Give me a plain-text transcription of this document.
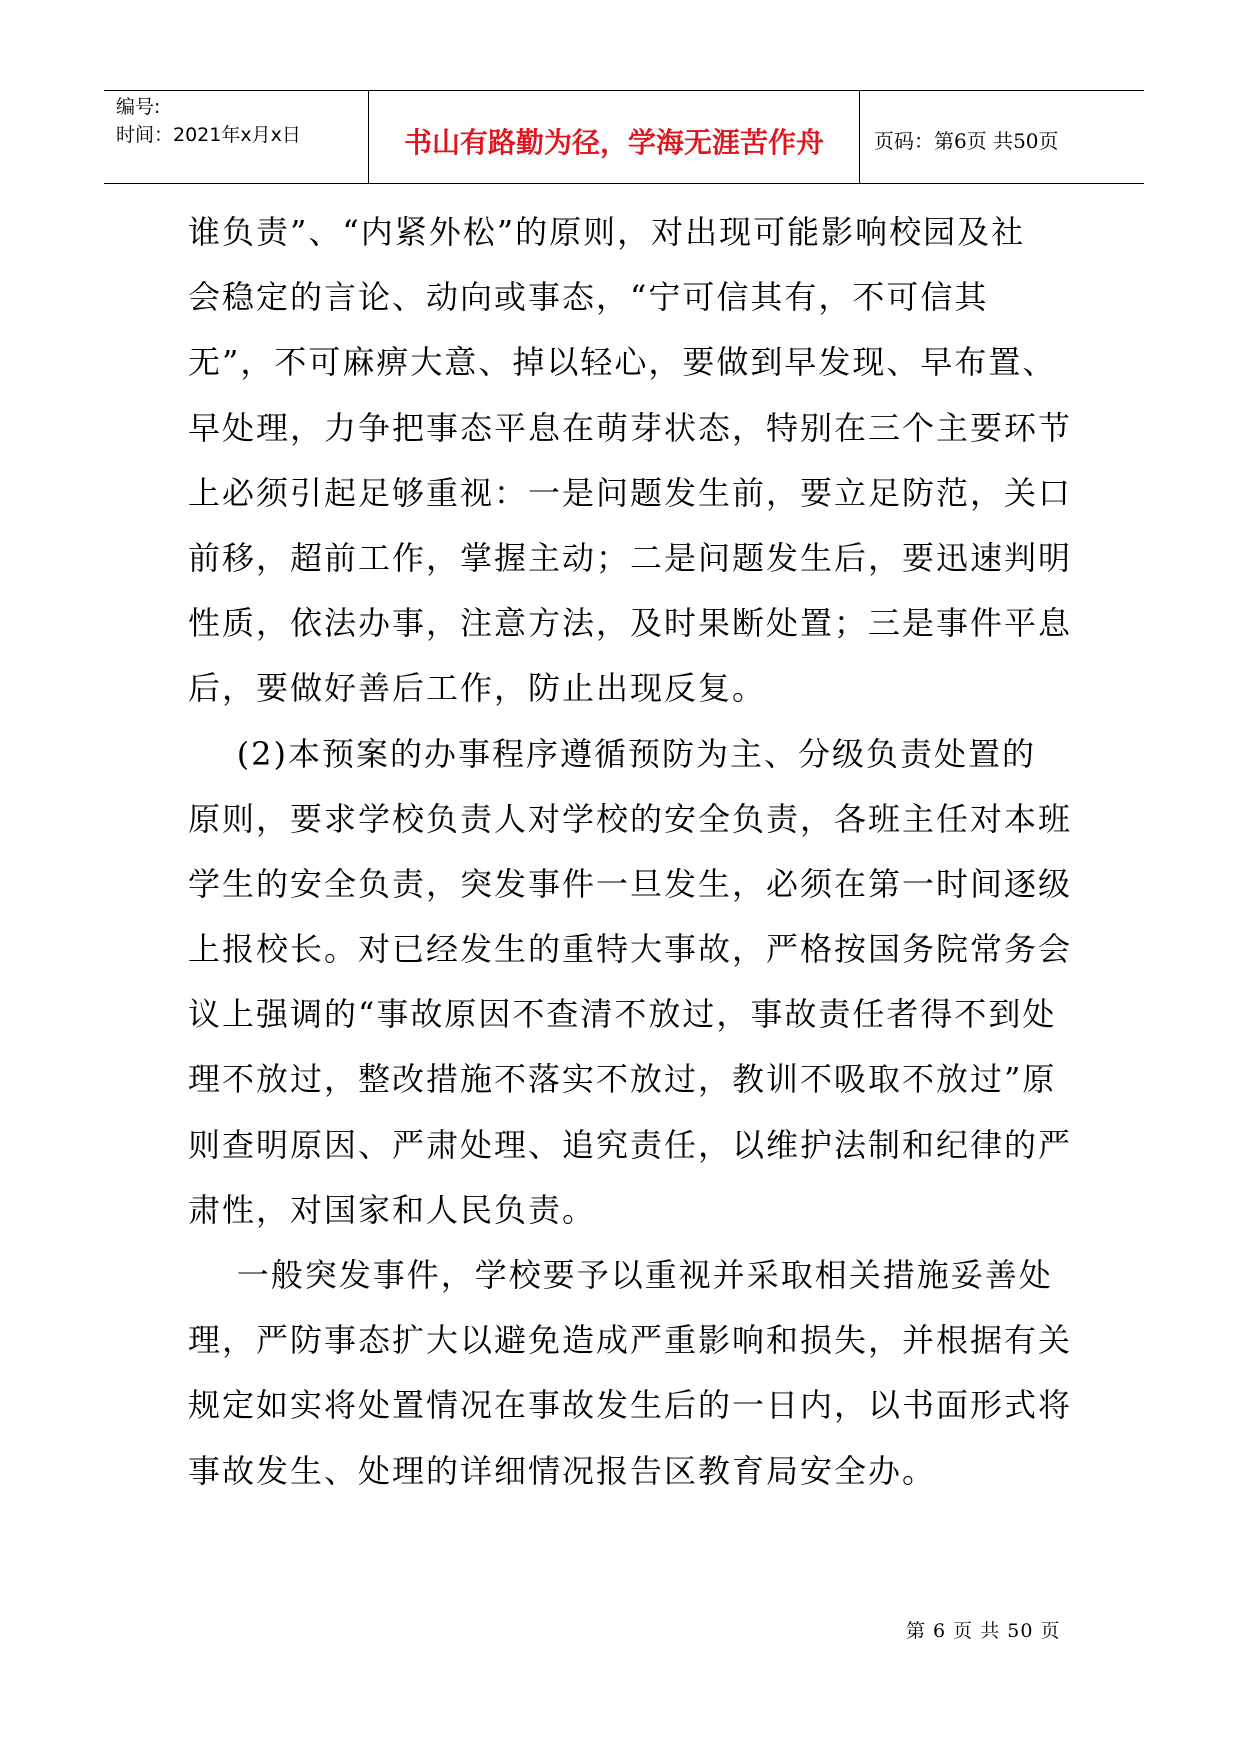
编号:
时间：2021年x月x日	书山有路勤为径，学海无涯苦作舟	页码：第6页 共50页
谁负责”、“内紧外松”的原则，对出现可能影响校园及社
会稳定的言论、动向或事态，“宁可信其有，不可信其
无”，不可麻痹大意、掉以轻心，要做到早发现、早布置、
早处理，力争把事态平息在萌芽状态，特别在三个主要环节
上必须引起足够重视：一是问题发生前，要立足防范，关口
前移，超前工作，掌握主动；二是问题发生后，要迅速判明
性质，依法办事，注意方法，及时果断处置；三是事件平息
后，要做好善后工作，防止出现反复。
(2)本预案的办事程序遵循预防为主、分级负责处置的
原则，要求学校负责人对学校的安全负责，各班主任对本班
学生的安全负责，突发事件一旦发生，必须在第一时间逐级
上报校长。对已经发生的重特大事故，严格按国务院常务会
议上强调的“事故原因不查清不放过，事故责任者得不到处
理不放过，整改措施不落实不放过，教训不吸取不放过”原
则查明原因、严肃处理、追究责任，以维护法制和纪律的严
肃性，对国家和人民负责。
一般突发事件，学校要予以重视并采取相关措施妥善处
理，严防事态扩大以避免造成严重影响和损失，并根据有关
规定如实将处置情况在事故发生后的一日内，以书面形式将
事故发生、处理的详细情况报告区教育局安全办。
第 6 页 共 50 页
